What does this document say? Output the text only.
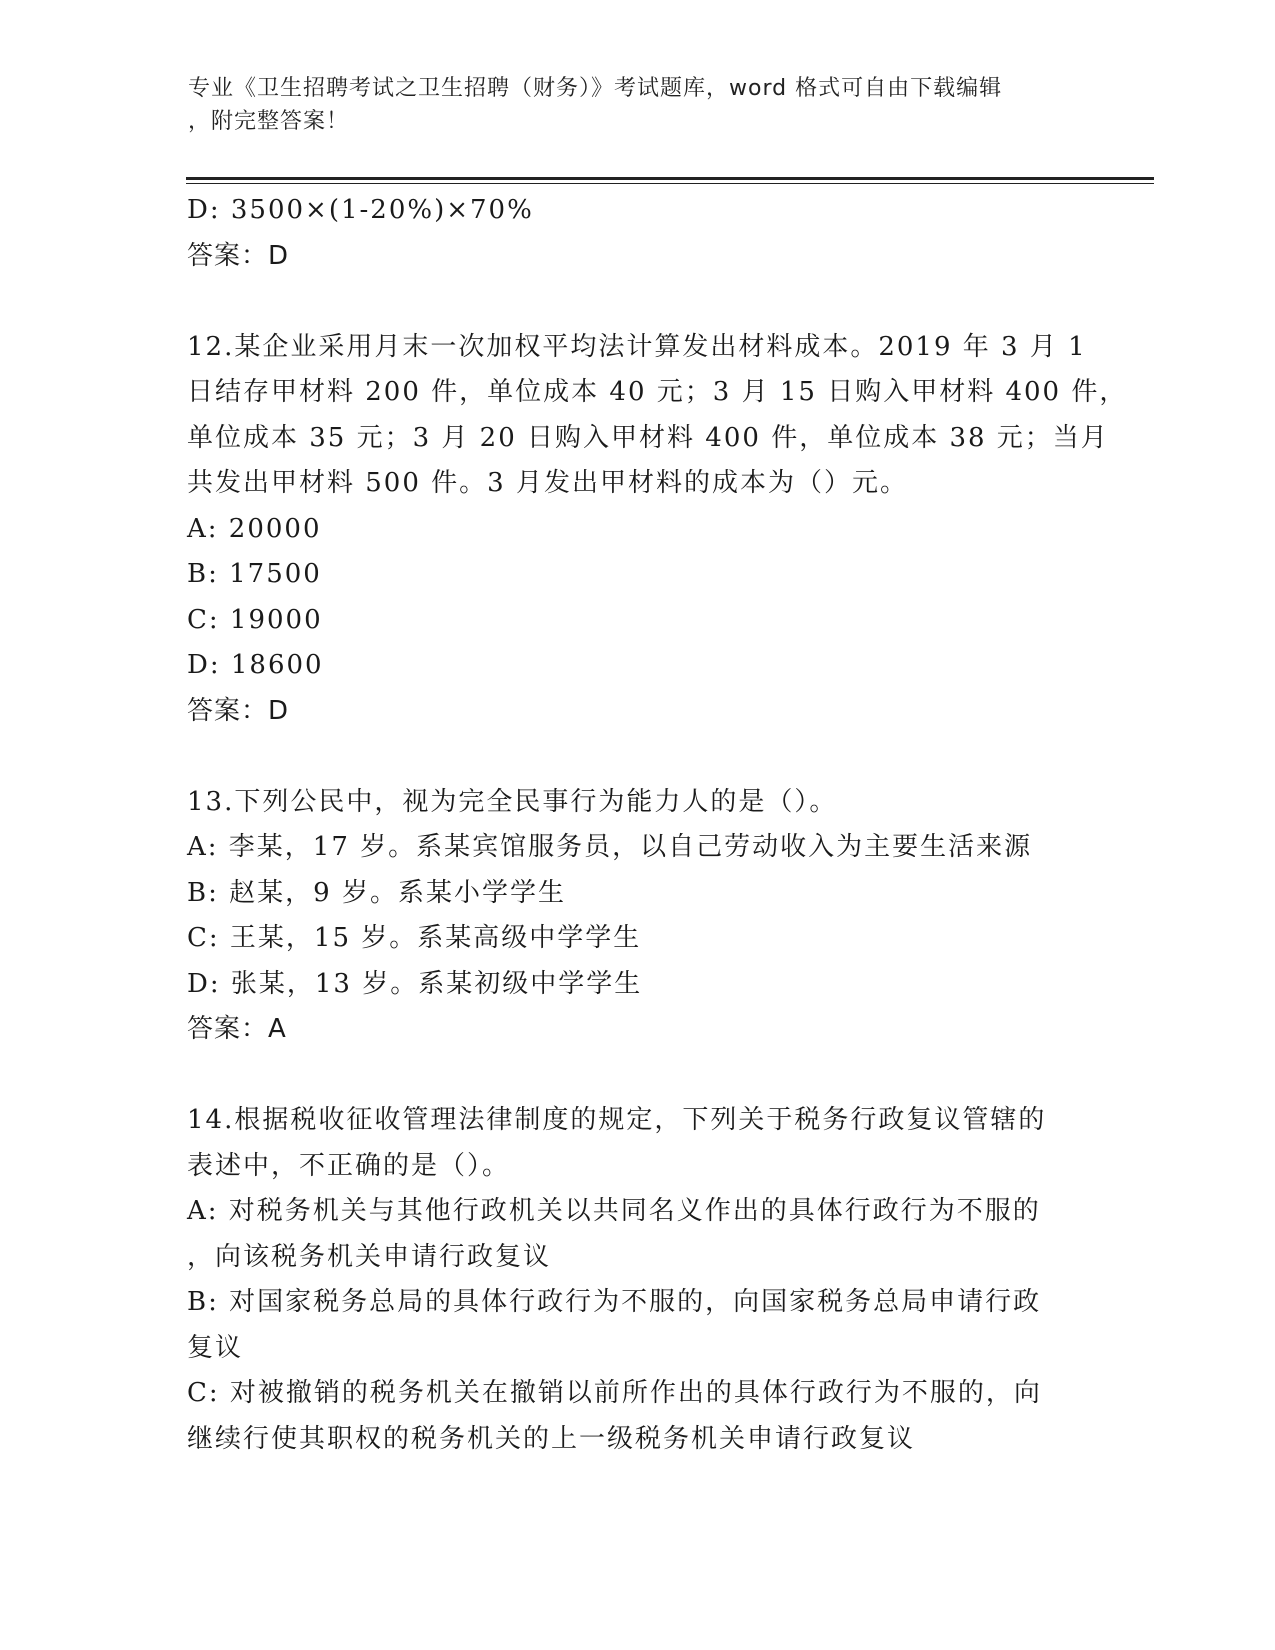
专业《卫生招聘考试之卫生招聘（财务）》考试题库，word 格式可自由下载编辑
，附完整答案！

D: 3500×(1-20%)×70%

答案：D

12.某企业采用月末一次加权平均法计算发出材料成本。2019 年 3 月 1

日结存甲材料 200 件，单位成本 40 元；3 月 15 日购入甲材料 400 件，

单位成本 35 元；3 月 20 日购入甲材料 400 件，单位成本 38 元；当月

共发出甲材料 500 件。3 月发出甲材料的成本为（）元。

A: 20000

B: 17500

C: 19000

D: 18600

答案：D

13.下列公民中，视为完全民事行为能力人的是（）。

A: 李某，17 岁。系某宾馆服务员，以自己劳动收入为主要生活来源

B: 赵某，9 岁。系某小学学生

C: 王某，15 岁。系某高级中学学生

D: 张某，13 岁。系某初级中学学生

答案：A

14.根据税收征收管理法律制度的规定，下列关于税务行政复议管辖的

表述中，不正确的是（）。

A: 对税务机关与其他行政机关以共同名义作出的具体行政行为不服的

，向该税务机关申请行政复议

B: 对国家税务总局的具体行政行为不服的，向国家税务总局申请行政

复议

C: 对被撤销的税务机关在撤销以前所作出的具体行政行为不服的，向

继续行使其职权的税务机关的上一级税务机关申请行政复议
